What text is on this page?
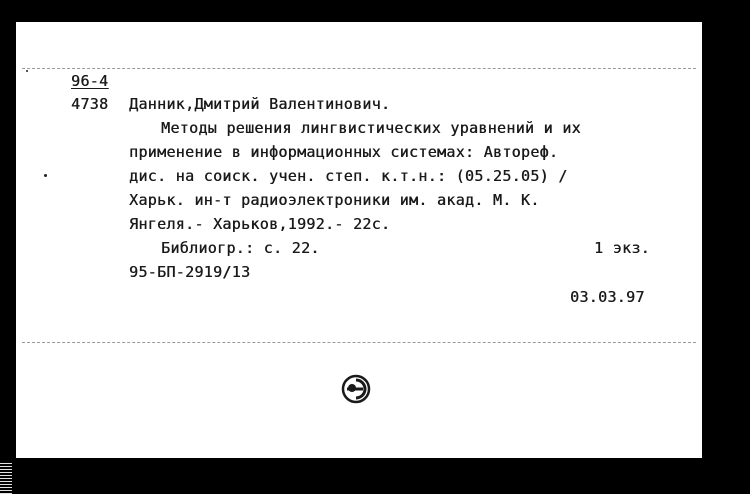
96-4
4738 Данник,Дмитрий Валентинович.
Методы решения лингвистических уравнений и их
применение в информационных системах: Автореф.
дис. на соиск. учен. степ. к.т.н.: (05.25.05) /
Харьк. ин-т радиоэлектроники им. акад. М. К.
Янгеля.- Харьков,1992.- 22с.
Библиогр.: с. 22.	1 экз.
95-БП-2919/13
03.03.97
